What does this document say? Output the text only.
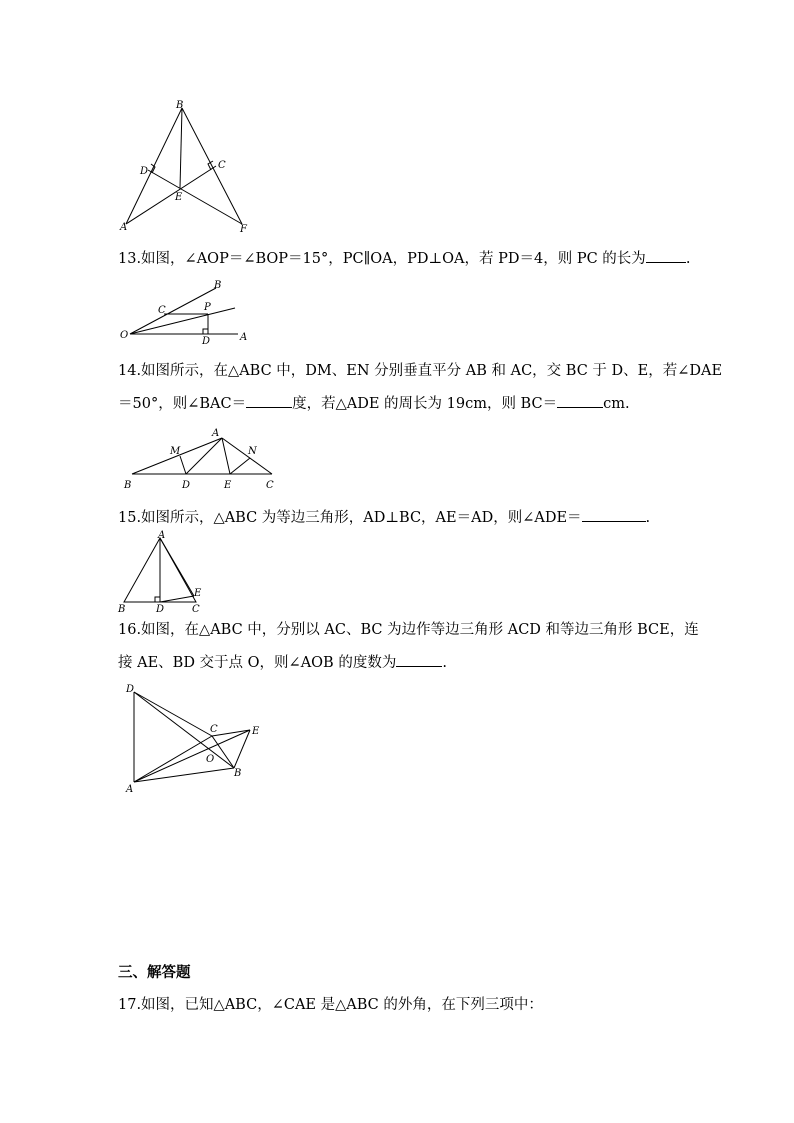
B
D
C
E
A	F
13.如图，∠AOP＝∠BOP＝15°，PC∥OA，PD⊥OA，若 PD＝4，则 PC 的长为	.
B
C	P
O
D	A
14.如图所示，在△ABC 中，DM、EN 分别垂直平分 AB 和 AC，交 BC 于 D、E，若∠DAE
＝50°，则∠BAC＝	度，若△ADE 的周长为 19cm，则 BC＝	cm.
A
M	N
B	D	E	C
15.如图所示，△ABC 为等边三角形，AD⊥BC，AE＝AD，则∠ADE＝	.
A
E
B	D	C
16.如图，在△ABC 中，分别以 AC、BC 为边作等边三角形 ACD 和等边三角形 BCE，连
接 AE、BD 交于点 O，则∠AOB 的度数为	.
D
C	E
O
B
A
三、解答题
17.如图，已知△ABC，∠CAE 是△ABC 的外角，在下列三项中：
